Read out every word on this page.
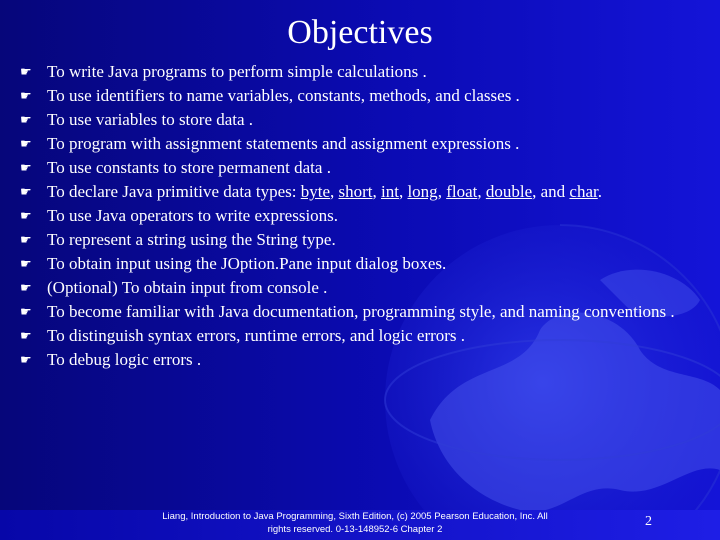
Objectives
☛ To write Java programs to perform simple calculations .
☛ To use identifiers to name variables, constants, methods, and classes .
☛ To use variables to store data .
☛ To program with assignment statements and assignment expressions .
☛ To use constants to store permanent data .
☛ To declare Java primitive data types: byte, short, int, long, float, double, and char.
☛ To use Java operators to write expressions.
☛ To represent a string using the String type.
☛ To obtain input using the JOption.Pane input dialog boxes.
☛ (Optional) To obtain input from console .
☛ To become familiar with Java documentation, programming style, and naming conventions .
☛ To distinguish syntax errors, runtime errors, and logic errors .
☛ To debug logic errors .
Liang, Introduction to Java Programming, Sixth Edition, (c) 2005 Pearson Education, Inc. All
rights reserved. 0-13-148952-6 Chapter 2
2
